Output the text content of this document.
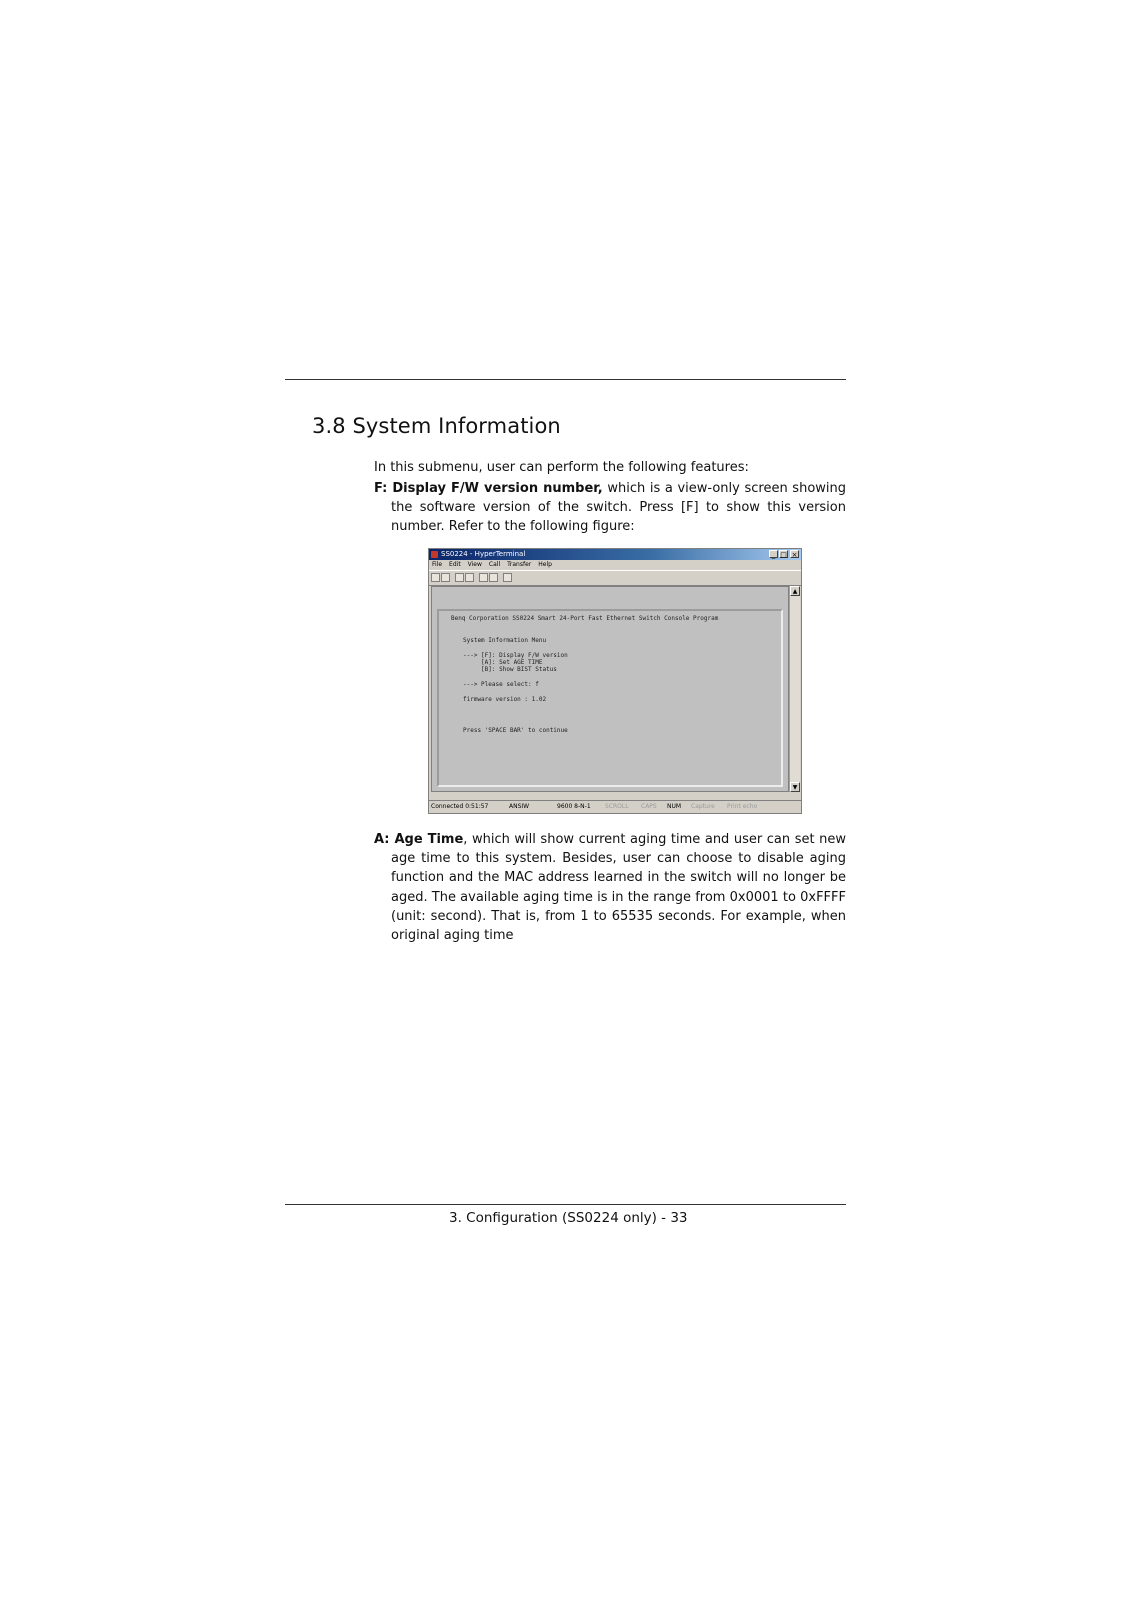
3.8 System Information
In this submenu, user can perform the following features:

F: Display F/W version number, which is a view-only screen showing the software version of the switch. Press [F] to show this version number. Refer to the following figure:

SS0224 - HyperTerminal	_ □ ×
File Edit View Call Transfer Help

Benq Corporation SS0224 Smart 24-Port Fast Ethernet Switch Console Program

System Information Menu

---> [F]: Display F/W version

[A]: Set AGE TIME

[B]: Show BIST Status

---> Please select: f

firmware version : 1.02

Press 'SPACE BAR' to continue

▲
▼
Connected 0:51:57	ANSIW	9600 8-N-1 SCROLL CAPS NUM Capture Print echo

A: Age Time, which will show current aging time and user can set new age time to this system. Besides, user can choose to disable aging function and the MAC address learned in the switch will no longer be aged. The available aging time is in the range from 0x0001 to 0xFFFF (unit: second). That is, from 1 to 65535 seconds. For example, when original aging time

3. Configuration (SS0224 only) - 33
